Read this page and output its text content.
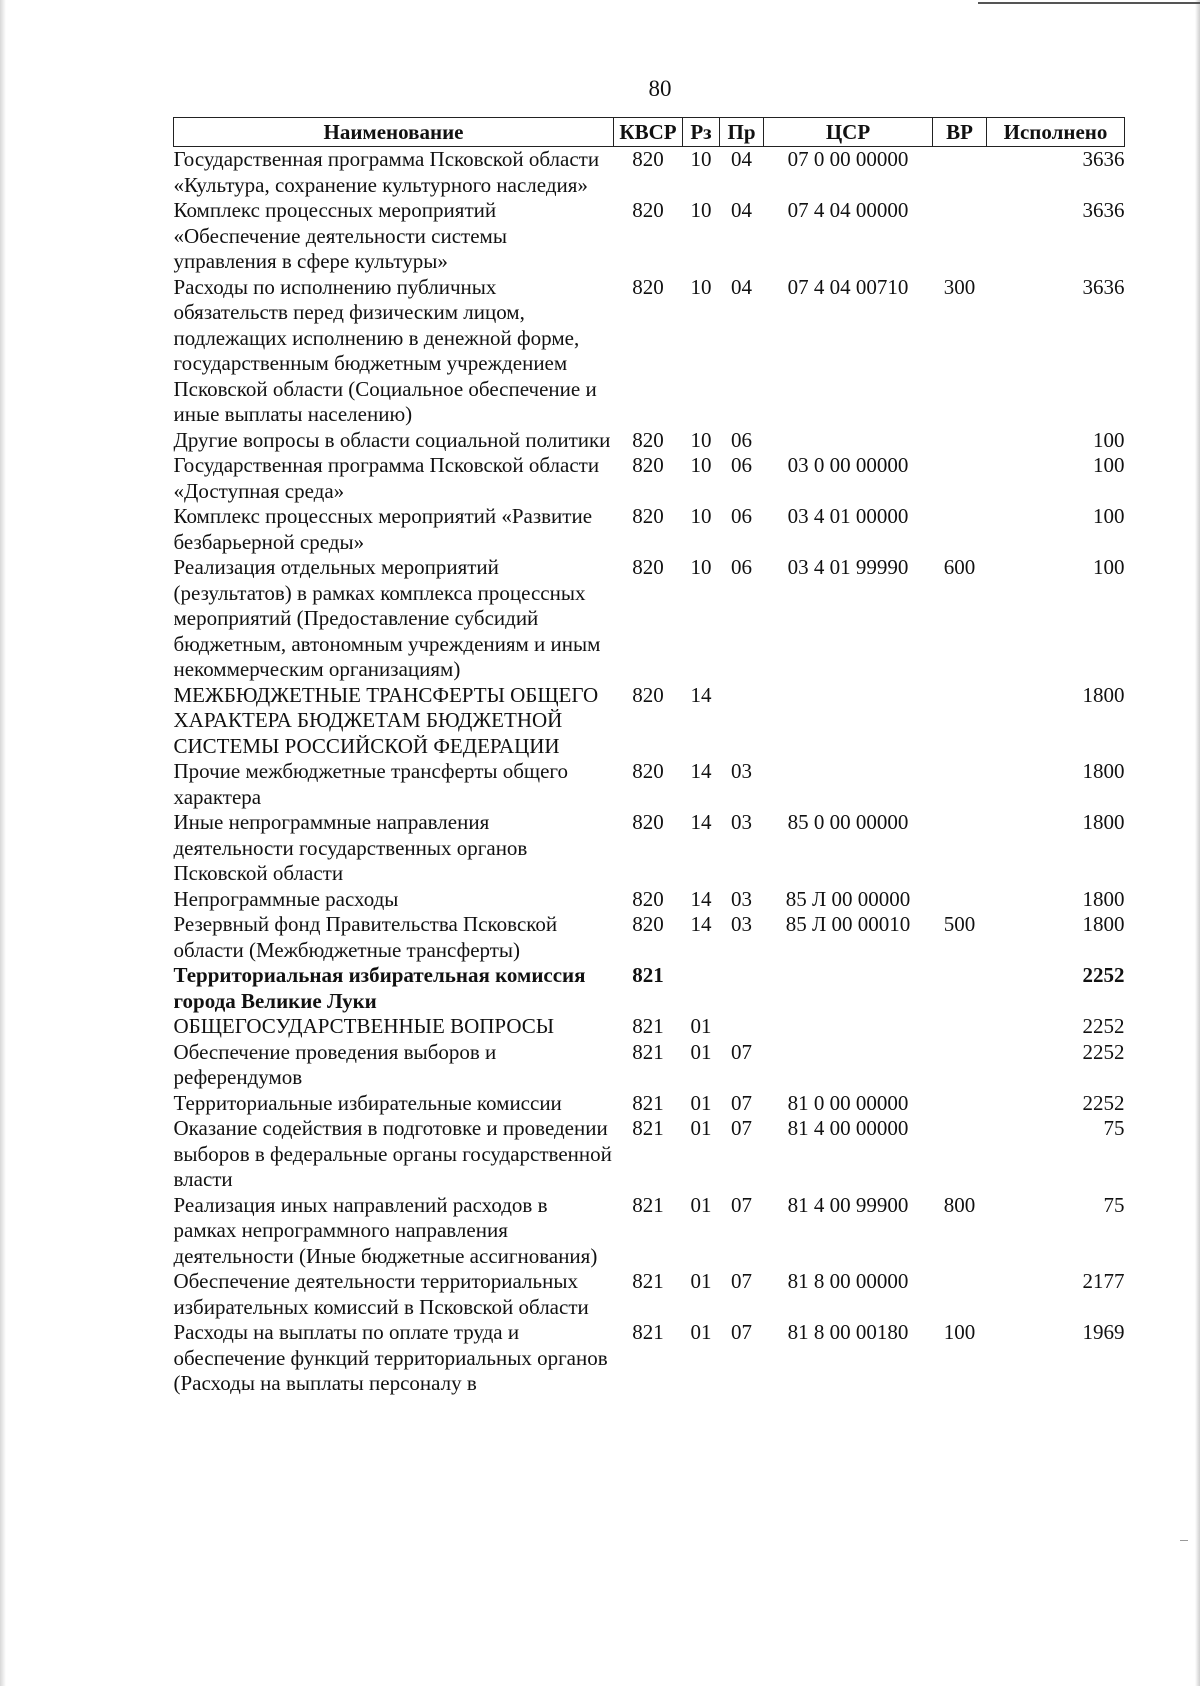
80
Наименование	КВСР	Рз	Пр	ЦСР	ВР	Исполнено
Государственная программа Псковской области «Культура, сохранение культурного наследия»	820	10	04	07 0 00 00000		3636
Комплекс процессных мероприятий «Обеспечение деятельности системы управления в сфере культуры»	820	10	04	07 4 04 00000		3636
Расходы по исполнению публичных обязательств перед физическим лицом, подлежащих исполнению в денежной форме, государственным бюджетным учреждением Псковской области (Социальное обеспечение и иные выплаты населению)	820	10	04	07 4 04 00710	300	3636
Другие вопросы в области социальной политики	820	10	06			100
Государственная программа Псковской области «Доступная среда»	820	10	06	03 0 00 00000		100
Комплекс процессных мероприятий «Развитие безбарьерной среды»	820	10	06	03 4 01 00000		100
Реализация отдельных мероприятий (результатов) в рамках комплекса процессных мероприятий (Предоставление субсидий бюджетным, автономным учреждениям и иным некоммерческим организациям)	820	10	06	03 4 01 99990	600	100
МЕЖБЮДЖЕТНЫЕ ТРАНСФЕРТЫ ОБЩЕГО ХАРАКТЕРА БЮДЖЕТАМ БЮДЖЕТНОЙ СИСТЕМЫ РОССИЙСКОЙ ФЕДЕРАЦИИ	820	14				1800
Прочие межбюджетные трансферты общего характера	820	14	03			1800
Иные непрограммные направления деятельности государственных органов Псковской области	820	14	03	85 0 00 00000		1800
Непрограммные расходы	820	14	03	85 Л 00 00000		1800
Резервный фонд Правительства Псковской области (Межбюджетные трансферты)	820	14	03	85 Л 00 00010	500	1800
Территориальная избирательная комиссия города Великие Луки	821					2252
ОБЩЕГОСУДАРСТВЕННЫЕ ВОПРОСЫ	821	01				2252
Обеспечение проведения выборов и референдумов	821	01	07			2252
Территориальные избирательные комиссии	821	01	07	81 0 00 00000		2252
Оказание содействия в подготовке и проведении выборов в федеральные органы государственной власти	821	01	07	81 4 00 00000		75
Реализация иных направлений расходов в рамках непрограммного направления деятельности (Иные бюджетные ассигнования)	821	01	07	81 4 00 99900	800	75
Обеспечение деятельности территориальных избирательных комиссий в Псковской области	821	01	07	81 8 00 00000		2177
Расходы на выплаты по оплате труда и обеспечение функций территориальных органов (Расходы на выплаты персоналу в	821	01	07	81 8 00 00180	100	1969
